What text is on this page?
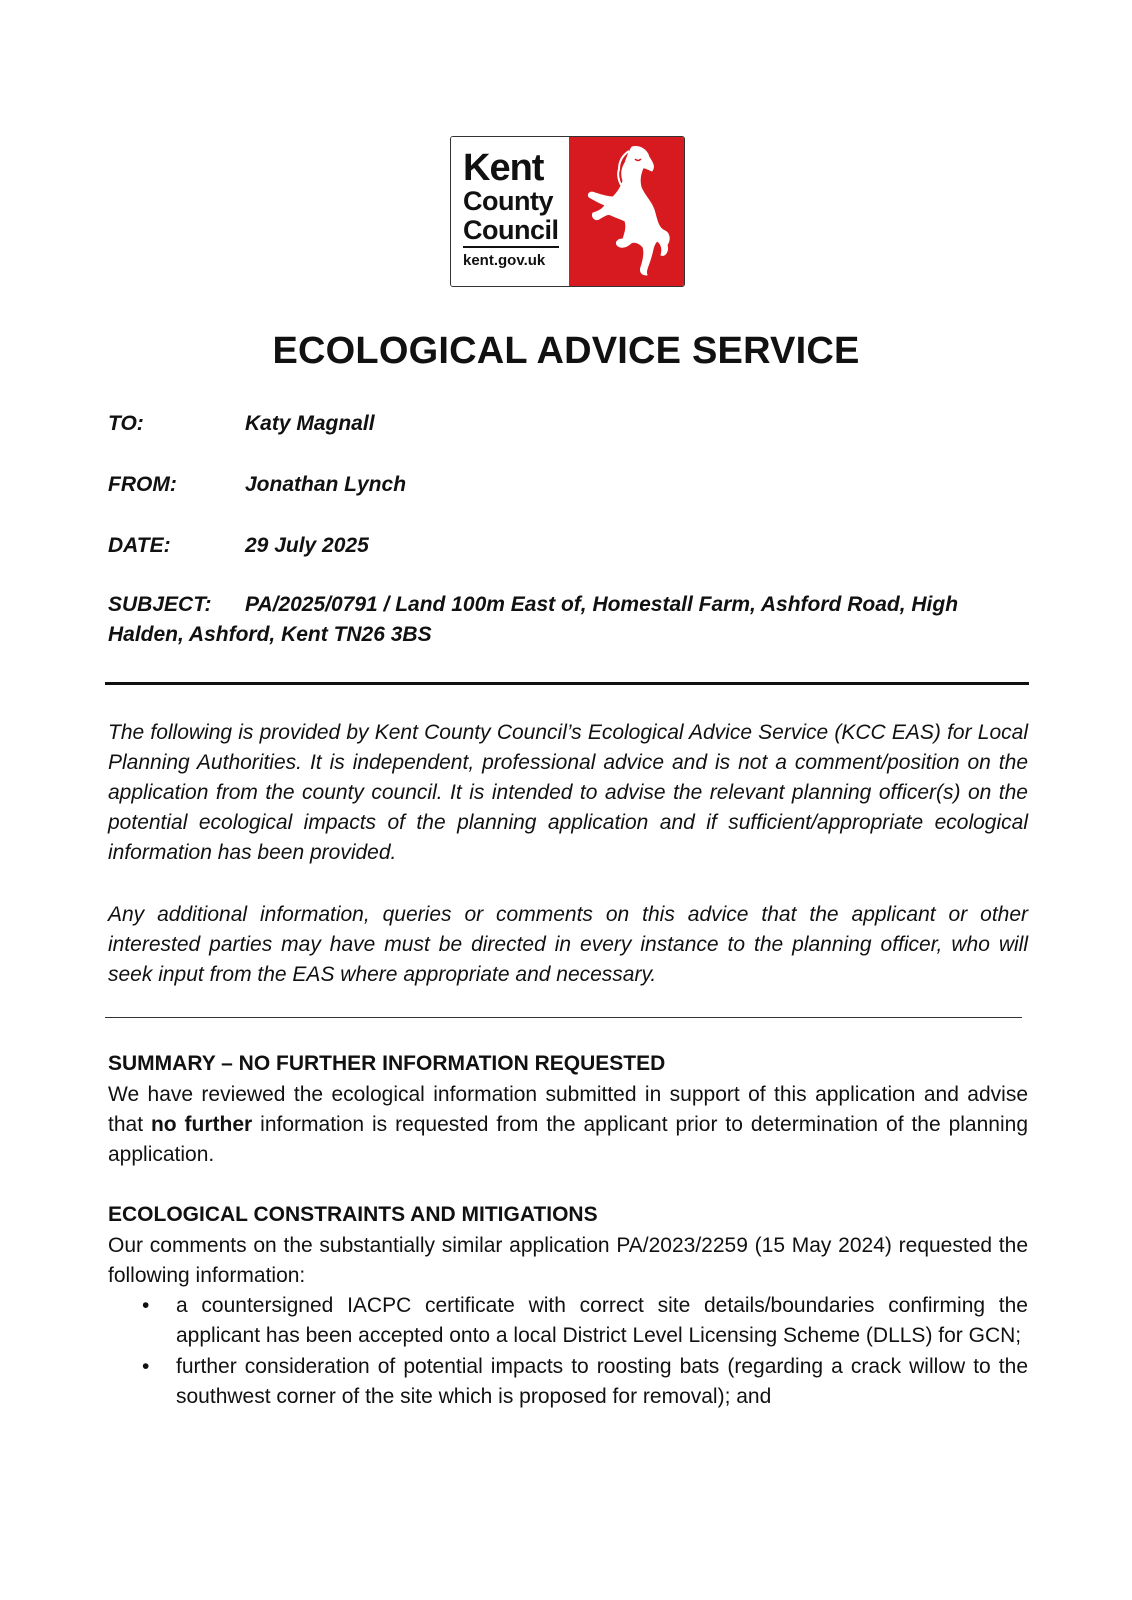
Kent
County
Council
kent.gov.uk
ECOLOGICAL ADVICE SERVICE
TO:	Katy Magnall
FROM:	Jonathan Lynch
DATE:	29 July 2025
SUBJECT: PA/2025/0791 / Land 100m East of, Homestall Farm, Ashford Road, High Halden, Ashford, Kent TN26 3BS

The following is provided by Kent County Council’s Ecological Advice Service (KCC EAS) for Local Planning Authorities. It is independent, professional advice and is not a comment/position on the application from the county council. It is intended to advise the relevant planning officer(s) on the potential ecological impacts of the planning application and if sufficient/appropriate ecological information has been provided.

Any additional information, queries or comments on this advice that the applicant or other interested parties may have must be directed in every instance to the planning officer, who will seek input from the EAS where appropriate and necessary.

SUMMARY – NO FURTHER INFORMATION REQUESTED

We have reviewed the ecological information submitted in support of this application and advise that no further information is requested from the applicant prior to determination of the planning application.

ECOLOGICAL CONSTRAINTS AND MITIGATIONS

Our comments on the substantially similar application PA/2023/2259 (15 May 2024) requested the following information:

• a countersigned IACPC certificate with correct site details/boundaries confirming the applicant has been accepted onto a local District Level Licensing Scheme (DLLS) for GCN;
• further consideration of potential impacts to roosting bats (regarding a crack willow to the southwest corner of the site which is proposed for removal); and
